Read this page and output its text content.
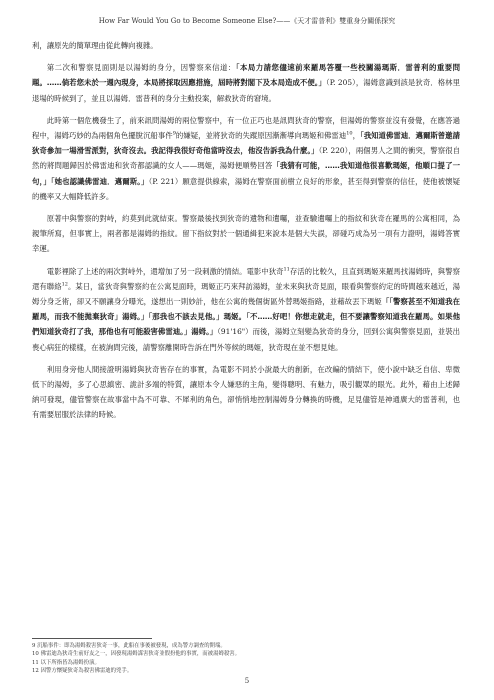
How Far Would You Go to Become Someone Else?——《天才雷普利》雙重身分關係探究

利，讓原先的簡單理由從此轉向複雜。

第二次和警察見面則是以湯姆的身分，因警察來信道：「本局力請您儘速前來羅馬答覆一些校關湯瑪斯．雷普利的重要問題。……倘若您未於一週內現身，本局將採取因應措施，屆時將對閣下及本局造成不便。」（P. 205），湯姆意識到該是狄奇．格林里退場的時候到了，並且以湯姆．雷普利的身分主動投案，解救狄奇的窘境。

此時第一個危機發生了，前來訊問湯姆的兩位警察中，有一位正巧也是訊問狄奇的警察，但湯姆的警察並沒有發覺，在應答過程中，湯姆巧妙的為兩個角色擺脫沉船事件$^9$的嫌疑，並將狄奇的失蹤原因漸漸導向瑪姬和佛雷迪$^{10}$，「我知道佛雷迪．邁爾斯曾邀請狄奇參加一場滑雪派對，狄奇沒去。我記得我很好奇他當時沒去，他沒告訴我為什麼。」（P. 220），兩個男人之間的衝突，警察很自然的將問題歸因於佛雷迪和狄奇都認識的女人——瑪姬，湯姆便順勢回答「我猜有可能，……我知道他很喜歡瑪姬，他順口提了一句，」「她也認識佛雷迪．邁爾斯。」（P. 221）願意提供線索，湯姆在警察面前樹立良好的形象，甚至得到警察的信任，使他被懷疑的機率又大幅降低許多。

原著中與警察的對峙，約莫到此就結束。警察最後找到狄奇的遺物和遺囑，並查驗遺囑上的指紋和狄奇在羅馬的公寓相同，為親筆所寫，但事實上，兩者都是湯姆的指紋。留下指紋對於一個通緝犯來說本是個大失誤，卻碰巧成為另一項有力證明，湯姆答實幸運。

電影裡除了上述的兩次對峙外，還增加了另一段刺激的情結。電影中狄奇$^{11}$存活的比較久，且直到瑪姬來羅馬找湯姆時，與警察還有聯絡$^{12}$。某日，當狄奇與警察約在公寓見面時，瑪姬正巧來拜訪湯姆，並未來與狄奇見面，眼看與警察約定的時間越來越近，湯姆分身乏術，卻又不願讓身分曝光，遂想出一則妙計，他在公寓的幾個街區外替瑪姬指路，並藉故丟下瑪姬「「警察甚至不知道我在羅馬，而我不能拋棄狄奇」湯姆。」「那我也不該去見他。」瑪姬。「不……好吧！你想走就走，但不要讓警察知道我在羅馬。如果他們知道狄奇打了我，那他也有可能殺害佛雷迪。」湯姆。」（91'16"）而後，湯姆立刻變為狄奇的身分，回到公寓與警察見面，並裝出喪心病狂的樣樣，在被詢問完後，請警察離開時告訴在門外等候的瑪姬，狄奇現在並不想見她。

利用身旁他人間接證明湯姆與狄奇皆存在的事實，為電影不同於小說最大的創新，在改編的情結下，使小說中缺乏自信、卑微低下的湯姆，多了心思縝密、詭計多端的特質，讓原本令人嫌惡的主角，變得聰明、有魅力，吸引觀眾的眼光。此外，藉由上述歸納可發現，儘管警察在故事當中為不可靠、不犀利的角色，卻悄悄地控制湯姆身分轉換的時機，足見儘管是神通廣大的雷普利，也有需要屈服於法律的時候。

9 沉船事件：即為湯姆殺害狄奇一事，此船在事後被發現，成為警方調查的開端。
10 佛雷迪為狄奇生前好友之一，因發現湯姆謀害狄奇並假扮他的事實，而被湯姆殺害。
11 以下所指皆為湯姆扮演。
12 因警方懷疑狄奇為殺害佛雷迪的兇手。
5
